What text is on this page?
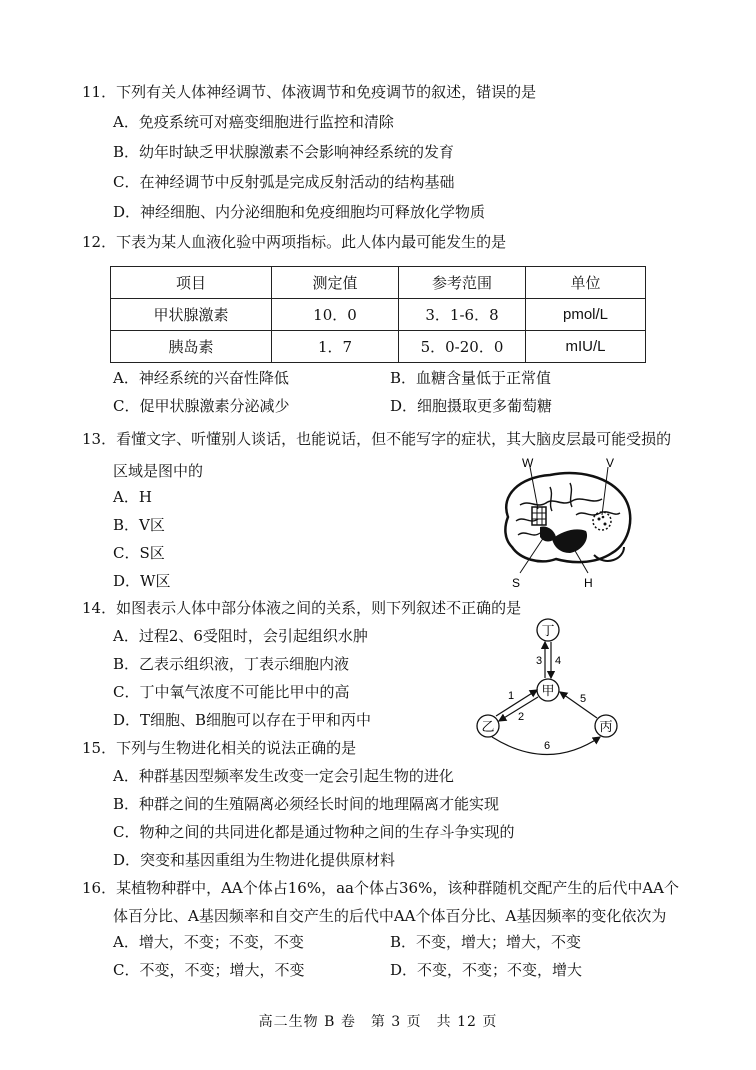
11．下列有关人体神经调节、体液调节和免疫调节的叙述，错误的是
A．免疫系统可对癌变细胞进行监控和清除
B．幼年时缺乏甲状腺激素不会影响神经系统的发育
C．在神经调节中反射弧是完成反射活动的结构基础
D．神经细胞、内分泌细胞和免疫细胞均可释放化学物质
12．下表为某人血液化验中两项指标。此人体内最可能发生的是
项目	测定值	参考范围	单位
甲状腺激素	10．0	3．1-6．8	pmol/L
胰岛素	1．7	5．0-20．0	mIU/L
A．神经系统的兴奋性降低	B．血糖含量低于正常值
C．促甲状腺激素分泌减少	D．细胞摄取更多葡萄糖
13．看懂文字、听懂别人谈话，也能说话，但不能写字的症状，其大脑皮层最可能受损的
区域是图中的
A．H
B．V区
C．S区
D．W区
W	V
S	H
14．如图表示人体中部分体液之间的关系，则下列叙述不正确的是
A．过程2、6受阻时，会引起组织水肿
B．乙表示组织液，丁表示细胞内液
C．丁中氧气浓度不可能比甲中的高
D．T细胞、B细胞可以存在于甲和丙中
丁
甲
乙	丙
3 4
1
2
5
6
15．下列与生物进化相关的说法正确的是
A．种群基因型频率发生改变一定会引起生物的进化
B．种群之间的生殖隔离必须经长时间的地理隔离才能实现
C．物种之间的共同进化都是通过物种之间的生存斗争实现的
D．突变和基因重组为生物进化提供原材料
16．某植物种群中，AA个体占16%，aa个体占36%，该种群随机交配产生的后代中AA个
体百分比、A基因频率和自交产生的后代中AA个体百分比、A基因频率的变化依次为
A．增大，不变；不变，不变	B．不变，增大；增大，不变
C．不变，不变；增大，不变	D．不变，不变；不变，增大
高二生物 B 卷　第 3 页　共 12 页
